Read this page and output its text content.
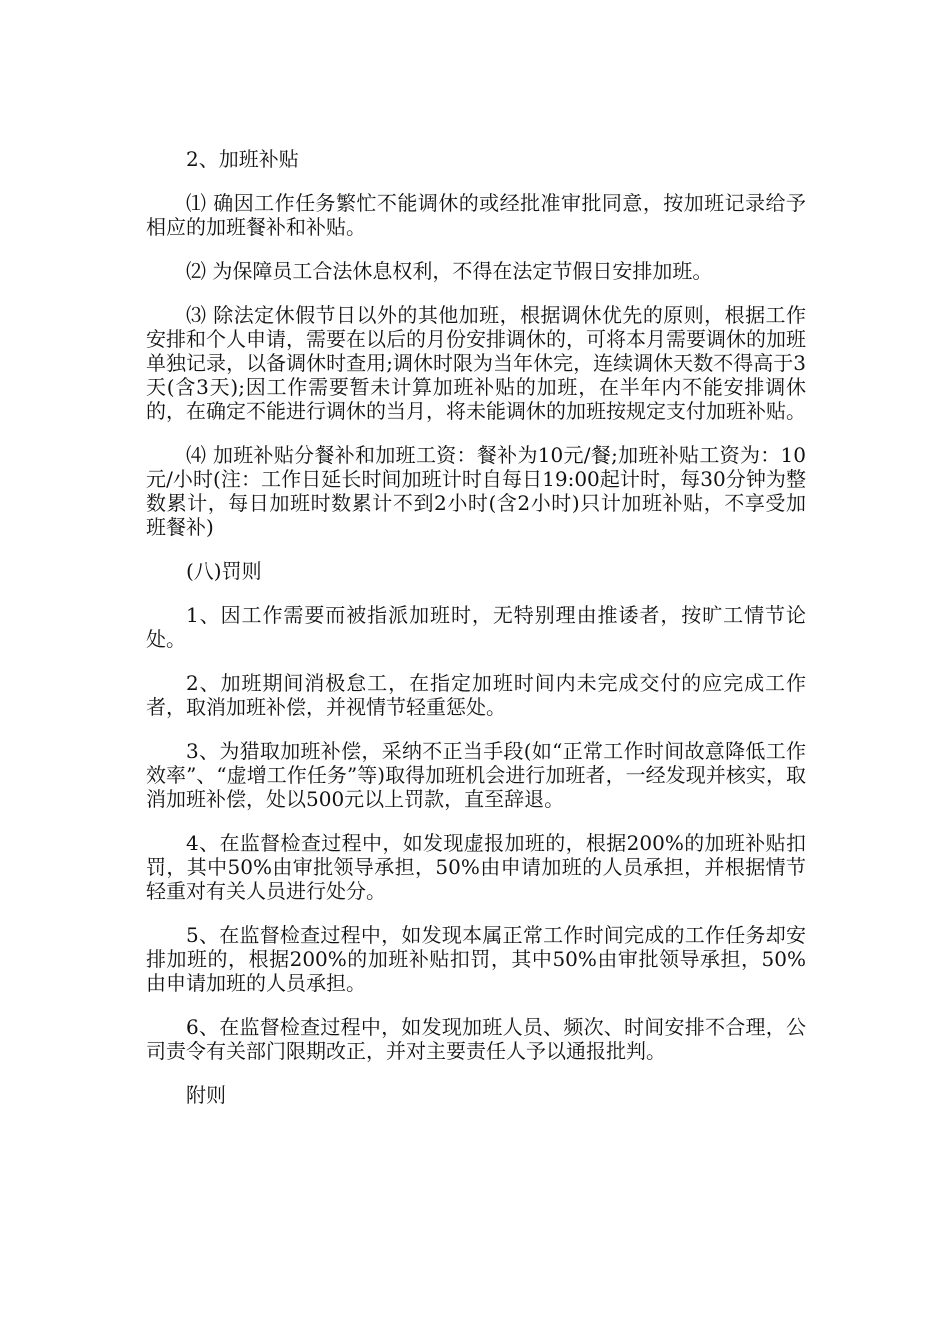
2、加班补贴

⑴ 确因工作任务繁忙不能调休的或经批准审批同意，按加班记录给予相应的加班餐补和补贴。

⑵ 为保障员工合法休息权利，不得在法定节假日安排加班。

⑶ 除法定休假节日以外的其他加班，根据调休优先的原则，根据工作安排和个人申请，需要在以后的月份安排调休的，可将本月需要调休的加班单独记录，以备调休时查用;调休时限为当年休完，连续调休天数不得高于3天(含3天);因工作需要暂未计算加班补贴的加班，在半年内不能安排调休的，在确定不能进行调休的当月，将未能调休的加班按规定支付加班补贴。

⑷ 加班补贴分餐补和加班工资：餐补为10元/餐;加班补贴工资为：10元/小时(注：工作日延长时间加班计时自每日19:00起计时，每30分钟为整数累计，每日加班时数累计不到2小时(含2小时)只计加班补贴，不享受加班餐补)

(八)罚则

1、因工作需要而被指派加班时，无特别理由推诿者，按旷工情节论处。

2、加班期间消极怠工，在指定加班时间内未完成交付的应完成工作者，取消加班补偿，并视情节轻重惩处。

3、为猎取加班补偿，采纳不正当手段(如“正常工作时间故意降低工作效率”、“虚增工作任务”等)取得加班机会进行加班者，一经发现并核实，取消加班补偿，处以500元以上罚款，直至辞退。

4、在监督检查过程中，如发现虚报加班的，根据200%的加班补贴扣罚，其中50%由审批领导承担，50%由申请加班的人员承担，并根据情节轻重对有关人员进行处分。

5、在监督检查过程中，如发现本属正常工作时间完成的工作任务却安排加班的，根据200%的加班补贴扣罚，其中50%由审批领导承担，50%由申请加班的人员承担。

6、在监督检查过程中，如发现加班人员、频次、时间安排不合理，公司责令有关部门限期改正，并对主要责任人予以通报批判。

附则
